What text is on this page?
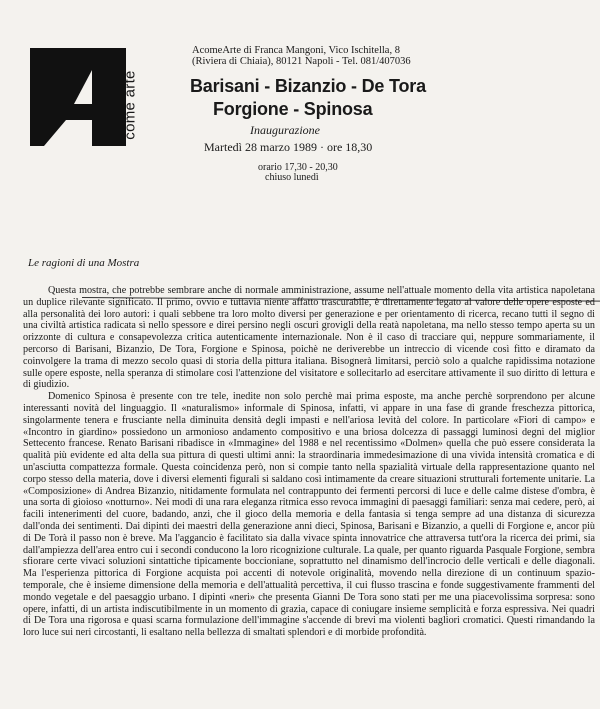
come arte
AcomeArte di Franca Mangoni, Vico Ischitella, 8
(Riviera di Chiaia), 80121 Napoli - Tel. 081/407036
Barisani - Bizanzio - De Tora
Forgione - Spinosa
Inaugurazione
Martedì 28 marzo 1989 · ore 18,30
orario 17,30 - 20,30
chiuso lunedì
Le ragioni di una Mostra

Questa mostra, che potrebbe sembrare anche di normale amministrazione, assume nell'attuale momento della vita artistica napoletana un duplice rilevante significato. Il primo, ovvio e tuttavia niente affatto trascurabile, è direttamente legato al valore delle opere esposte ed alla personalità dei loro autori: i quali sebbene tra loro molto diversi per generazione e per orientamento di ricerca, recano tutti il segno di una civiltà artistica radicata sì nello spessore e direi persino negli oscuri grovigli della reatà napoletana, ma nello stesso tempo aperta su un orizzonte di cultura e consapevolezza critica autenticamente internazionale. Non è il caso di tracciare qui, neppure sommariamente, il percorso di Barisani, Bizanzio, De Tora, Forgione e Spinosa, poichè ne deriverebbe un intreccio di vicende così fitto e diramato da coinvolgere la trama di mezzo secolo quasi di storia della pittura italiana. Bisognerà limitarsi, perciò solo a qualche rapidissima notazione sulle opere esposte, nella speranza di stimolare così l'attenzione del visitatore e sollecitarlo ad esercitare attivamente il suo diritto di lettura e di giudizio.

Domenico Spinosa è presente con tre tele, inedite non solo perchè mai prima esposte, ma anche perchè sorprendono per alcune interessanti novità del linguaggio. Il «naturalismo» informale di Spinosa, infatti, vi appare in una fase di grande freschezza pittorica, singolarmente tenera e frusciante nella diminuita densità degli impasti e nell'ariosa levità del colore. In particolare «Fiori di campo» e «Incontro in giardino» possiedono un armonioso andamento compositivo e una briosa dolcezza di passaggi luminosi degni del miglior Settecento francese. Renato Barisani ribadisce in «Immagine» del 1988 e nel recentissimo «Dolmen» quella che può essere considerata la qualità più evidente ed alta della sua pittura di questi ultimi anni: la straordinaria immedesimazione di una vivida intensità cromatica e di un'asciutta compattezza formale. Questa coincidenza però, non si compie tanto nella spazialità virtuale della rappresentazione quanto nel corpo stesso della materia, dove i diversi elementi figurali si saldano così intimamente da creare situazioni strutturali fortemente unitarie. La «Composizione» di Andrea Bizanzio, nitidamente formulata nel contrappunto dei fermenti percorsi di luce e delle calme distese d'ombra, è una sorta di gioioso «notturno». Nei modi di una rara eleganza ritmica esso revoca immagini di paesaggi familiari: senza mai cedere, però, ai facili intenerimenti del cuore, badando, anzi, che il gioco della memoria e della fantasia si tenga sempre ad una distanza di sicurezza dall'onda dei sentimenti. Dai dipinti dei maestri della generazione anni dieci, Spinosa, Barisani e Bizanzio, a quelli di Forgione e, ancor più di De Torà il passo non è breve. Ma l'aggancio è facilitato sia dalla vivace spinta innovatrice che attraversa tutt'ora la ricerca dei primi, sia dall'ampiezza dell'area entro cui i secondi conducono la loro ricognizione culturale. La quale, per quanto riguarda Pasquale Forgione, sembra sfiorare certe vivaci soluzioni sintattiche tipicamente boccioniane, soprattutto nel dinamismo dell'incrocio delle verticali e delle diagonali. Ma l'esperienza pittorica di Forgione acquista poi accenti di notevole originalità, movendo nella direzione di un continuum spazio-temporale, che è insieme dimensione della memoria e dell'attualità percettiva, il cui flusso trascina e fonde suggestivamente frammenti del mondo vegetale e del paesaggio urbano. I dipinti «neri» che presenta Gianni De Tora sono stati per me una piacevolissima sorpresa: sono opere, infatti, di un artista indiscutibilmente in un momento di grazia, capace di coniugare insieme semplicità e forza espressiva. Nei quadri di De Tora una rigorosa e quasi scarna formulazione dell'immagine s'accende di brevi ma violenti bagliori cromatici. Questi rimandando la loro luce sui neri circostanti, li esaltano nella bellezza di smaltati splendori e di morbide profondità.
